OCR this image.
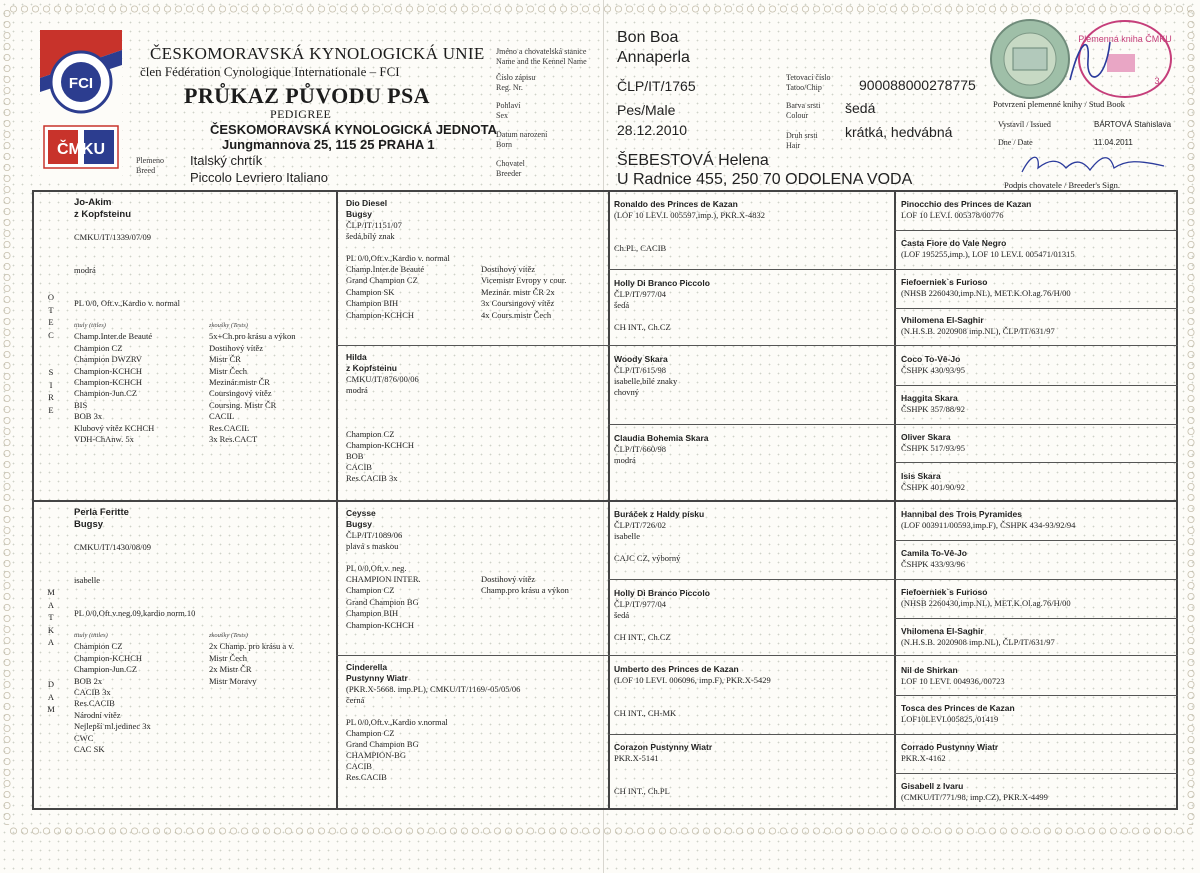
FCI
ČMKU
ČESKOMORAVSKÁ KYNOLOGICKÁ UNIE
člen Fédération Cynologique Internationale – FCI
PRŮKAZ PŮVODU PSA
PEDIGREE
ČESKOMORAVSKÁ KYNOLOGICKÁ JEDNOTA
Jungmannova 25, 115 25 PRAHA 1
Plemeno
Breed
Italský chrtík
Piccolo Levriero Italiano
Jméno a chovatelská stanice
Name and the Kennel Name
Číslo zápisu
Reg. Nr.
Pohlaví
Sex
Datum narození
Born
Chovatel
Breeder
Bon Boa
Annaperla
ČLP/IT/1765
Pes/Male
28.12.2010
ŠEBESTOVÁ Helena
U Radnice 455, 250 70 ODOLENA VODA
Tetovací číslo
Tatoo/Chip
Barva srsti
Colour
Druh srsti
Hair
900088000278775
šedá
krátká, hedvábná
Plemenná kniha ČMKU
3
Potvrzení plemenné knihy / Stud Book
Vystavil / Issued	BÁRTOVÁ Stanislava
Dne / Date	11.04.2011
Podpis chovatele / Breeder's Sign.
O
T
E
C
S
I
R
E
M
A
T
K
A
D
A
M
Jo-Akim
z Kopfsteinu
CMKU/IT/1339/07/09
modrá
PL 0/0, Oft.v.,Kardio v. normal
tituly (titles)	zkoušky (Tests)
Champ.Inter.de Beauté	5x+Ch.pro krásu a výkon
Champion CZ	Dostihový vítěz
Champion DWZRV	Mistr ČR
Champion-KCHCH	Mistr Čech
Champion-KCHCH	Mezinár.mistr ČR
Champion-Jun.CZ	Coursingový vítěz
BIS	Coursing. Mistr ČR
BOB 3x	CACIL
Klubový vítěz KCHCH	Res.CACIL
VDH-ChAnw. 5x	3x Res.CACT
Perla Feritte
Bugsy
CMKU/IT/1430/08/09
isabelle
PL 0/0,Oft.v.neg.09,kardio norm.10
tituly (tittles)	zkoušky (Tests)
Champion CZ	2x Champ. pro krásu a v.
Champion-KCHCH	Mistr Čech
Champion-Jun.CZ	2x Mistr ČR
BOB 2x	Mistr Moravy
CACIB 3x

Res.CACIB

Národní vítěz

Nejlepší ml.jedinec 3x

CWC

CAC SK

Dio Diesel
Bugsy
ČLP/IT/1151/07
šedá,bílý znak
PL 0/0,Oft.v.,Kardio v. normal
Champ.Inter.de Beauté	Dostihový vítěz
Grand Champion CZ	Vicemistr Evropy v cour.
Champion SK	Mezinár. mistr ČR 2x
Champion BIH	3x Coursingový vítěz
Champion-KCHCH	4x Cours.mistr Čech
Hilda
z Kopfsteinu
CMKU/IT/876/00/06
modrá
Champion CZ
Champion-KCHCH
BOB
CACIB
Res.CACIB 3x
Ceysse
Bugsy
ČLP/IT/1089/06
plavá s maskou
PL 0/0,Oft.v. neg.
CHAMPION INTER.	Dostihový vítěz
Champion CZ	Champ.pro krásu a výkon
Grand Champion BG

Champion BIH

Champion-KCHCH

Cinderella
Pustynny Wiatr
(PKR.X-5668. imp.PL), CMKU/IT/1169/-05/05/06
černá
PL 0/0,Oft.v.,Kardio v.normal
Champion CZ
Grand Champion BG
CHAMPION-BG
CACIB
Res.CACIB
Ronaldo des Princes de Kazan
(LOF 10 LEV.I. 005597,imp.), PKR.X-4832

Ch.PL, CACIB
Holly Di Branco Piccolo
ČLP/IT/977/04
šedá

CH INT., Ch.CZ
Woody Skara
ČLP/IT/615/98
isabelle,bílé znaky
chovný
Claudia Bohemia Skara
ČLP/IT/660/98
modrá
Buráček z Haldy písku
ČLP/IT/726/02
isabelle

CAJC CZ, výborný
Holly Di Branco Piccolo
ČLP/IT/977/04
šedá

CH INT., Ch.CZ
Umberto des Princes de Kazan
(LOF 10 LEVI. 006096, imp.F), PKR.X-5429

CH INT., CH-MK
Corazon Pustynny Wiatr
PKR.X-5141

CH INT., Ch.PL
Pinocchio des Princes de Kazan
LOF 10 LEV.I. 005378/00776
Casta Fiore do Vale Negro
(LOF 195255,imp.), LOF 10 LEV.I. 005471/01315
Fiefoerniek`s Furioso
(NHSB 2260430,imp.NL), MET.K.Ol.ag.76/H/00
Vhilomena El-Saghir
(N.H.S.B. 2020908 imp.NL), ČLP/IT/631/97
Coco To-Vê-Jo
ČSHPK 430/93/95
Haggita Skara
ČSHPK 357/88/92
Oliver Skara
ČSHPK 517/93/95
Isis Skara
ČSHPK 401/90/92
Hannibal des Trois Pyramides
(LOF 003911/00593,imp.F), ČSHPK 434-93/92/94
Camila To-Vê-Jo
ČSHPK 433/93/96
Fiefoerniek`s Furioso
(NHSB 2260430,imp.NL), MET.K.Ol.ag.76/H/00
Vhilomena El-Saghir
(N.H.S.B. 2020908 imp.NL), ČLP/IT/631/97
Nil de Shirkan
LOF 10 LEVI. 004936,/00723
Tosca des Princes de Kazan
LOF10LEVI.005825,/01419
Corrado Pustynny Wiatr
PKR.X-4162
Gisabell z Ivaru
(CMKU/IT/771/98, imp.CZ), PKR.X-4499
